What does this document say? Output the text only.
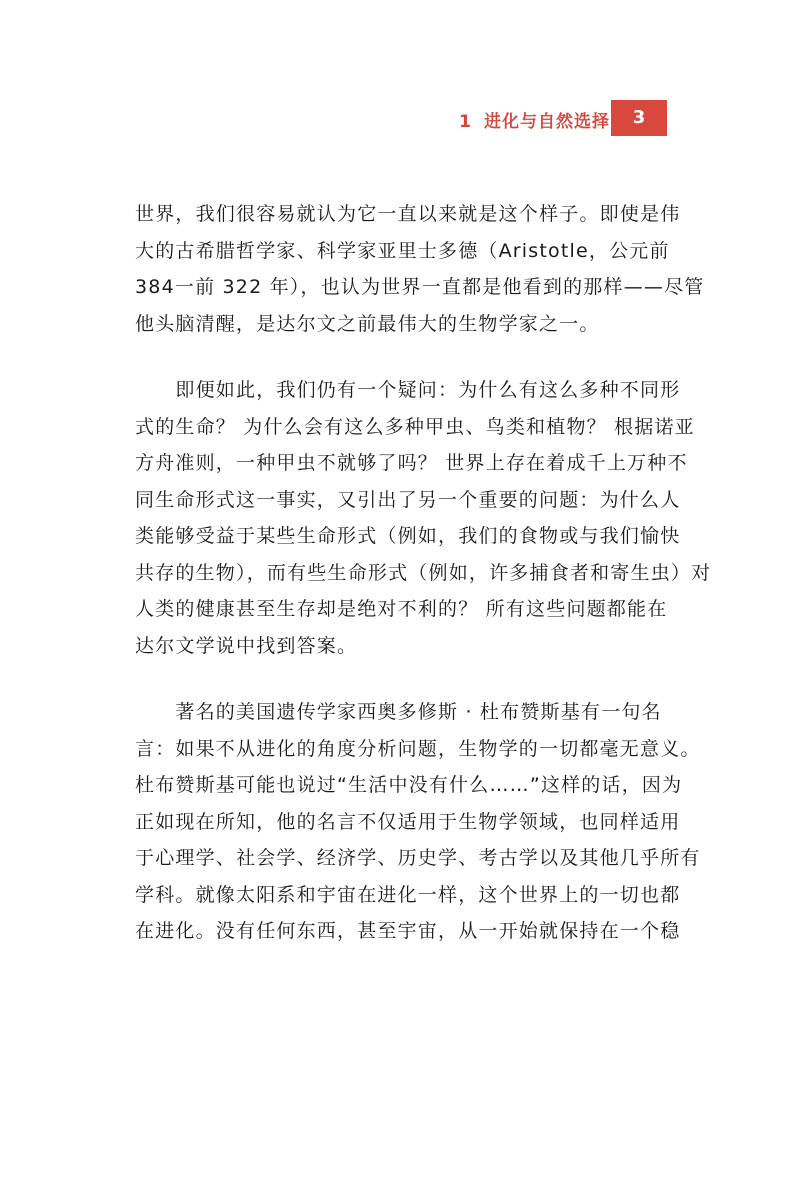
1 进化与自然选择	3

世界，我们很容易就认为它一直以来就是这个样子。即使是伟
大的古希腊哲学家、科学家亚里士多德（Aristotle，公元前
384一前 322 年），也认为世界一直都是他看到的那样——尽管
他头脑清醒，是达尔文之前最伟大的生物学家之一。

　　即便如此，我们仍有一个疑问：为什么有这么多种不同形
式的生命？ 为什么会有这么多种甲虫、鸟类和植物？ 根据诺亚
方舟准则，一种甲虫不就够了吗？ 世界上存在着成千上万种不
同生命形式这一事实，又引出了另一个重要的问题：为什么人
类能够受益于某些生命形式（例如，我们的食物或与我们愉快
共存的生物），而有些生命形式（例如，许多捕食者和寄生虫）对
人类的健康甚至生存却是绝对不利的？ 所有这些问题都能在
达尔文学说中找到答案。

　　著名的美国遗传学家西奥多修斯 · 杜布赞斯基有一句名
言：如果不从进化的角度分析问题，生物学的一切都毫无意义。
杜布赞斯基可能也说过“生活中没有什么……”这样的话，因为
正如现在所知，他的名言不仅适用于生物学领域，也同样适用
于心理学、社会学、经济学、历史学、考古学以及其他几乎所有
学科。就像太阳系和宇宙在进化一样，这个世界上的一切也都
在进化。没有任何东西，甚至宇宙，从一开始就保持在一个稳
